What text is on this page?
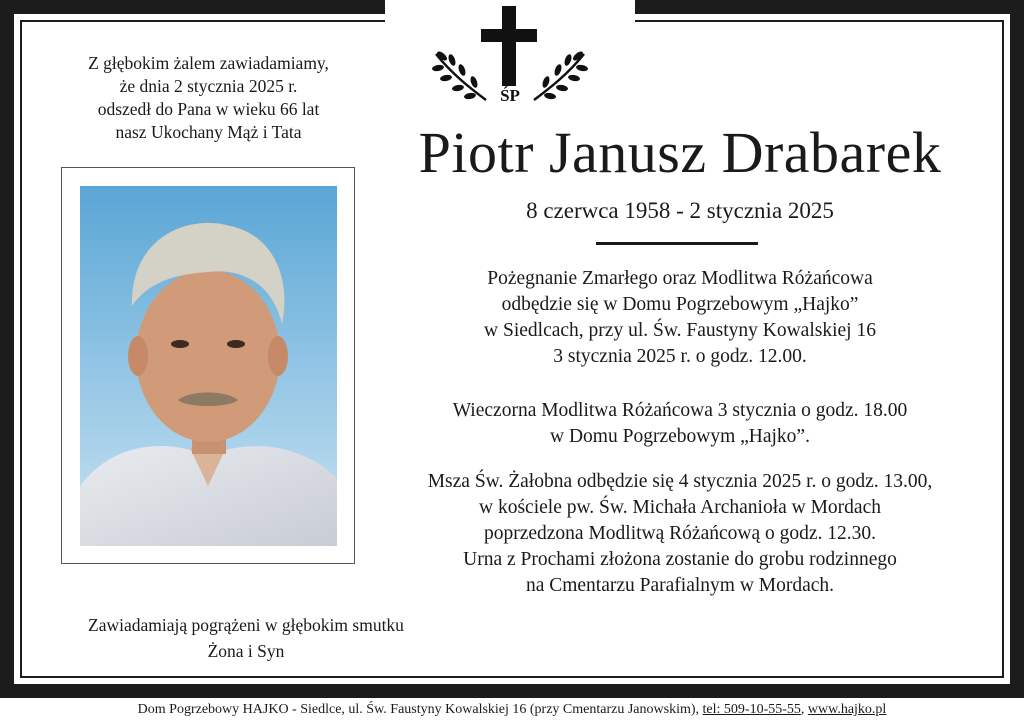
ŚP
Z głębokim żalem zawiadamiamy,
że dnia 2 stycznia 2025 r.
odszedł do Pana w wieku 66 lat
nasz Ukochany Mąż i Tata
Zawiadamiają pogrążeni w głębokim smutku
Żona i Syn
Piotr Janusz Drabarek
8 czerwca 1958 - 2 stycznia 2025
Pożegnanie Zmarłego oraz Modlitwa Różańcowa
odbędzie się w Domu Pogrzebowym „Hajko”
w Siedlcach, przy ul. Św. Faustyny Kowalskiej 16
3 stycznia 2025 r. o godz. 12.00.
Wieczorna Modlitwa Różańcowa 3 stycznia o godz. 18.00
w Domu Pogrzebowym „Hajko”.
Msza Św. Żałobna odbędzie się 4 stycznia 2025 r. o godz. 13.00,
w kościele pw. Św. Michała Archanioła w Mordach
poprzedzona Modlitwą Różańcową o godz. 12.30.
Urna z Prochami złożona zostanie do grobu rodzinnego
na Cmentarzu Parafialnym w Mordach.
Dom Pogrzebowy HAJKO - Siedlce, ul. Św. Faustyny Kowalskiej 16 (przy Cmentarzu Janowskim), tel: 509-10-55-55, www.hajko.pl
